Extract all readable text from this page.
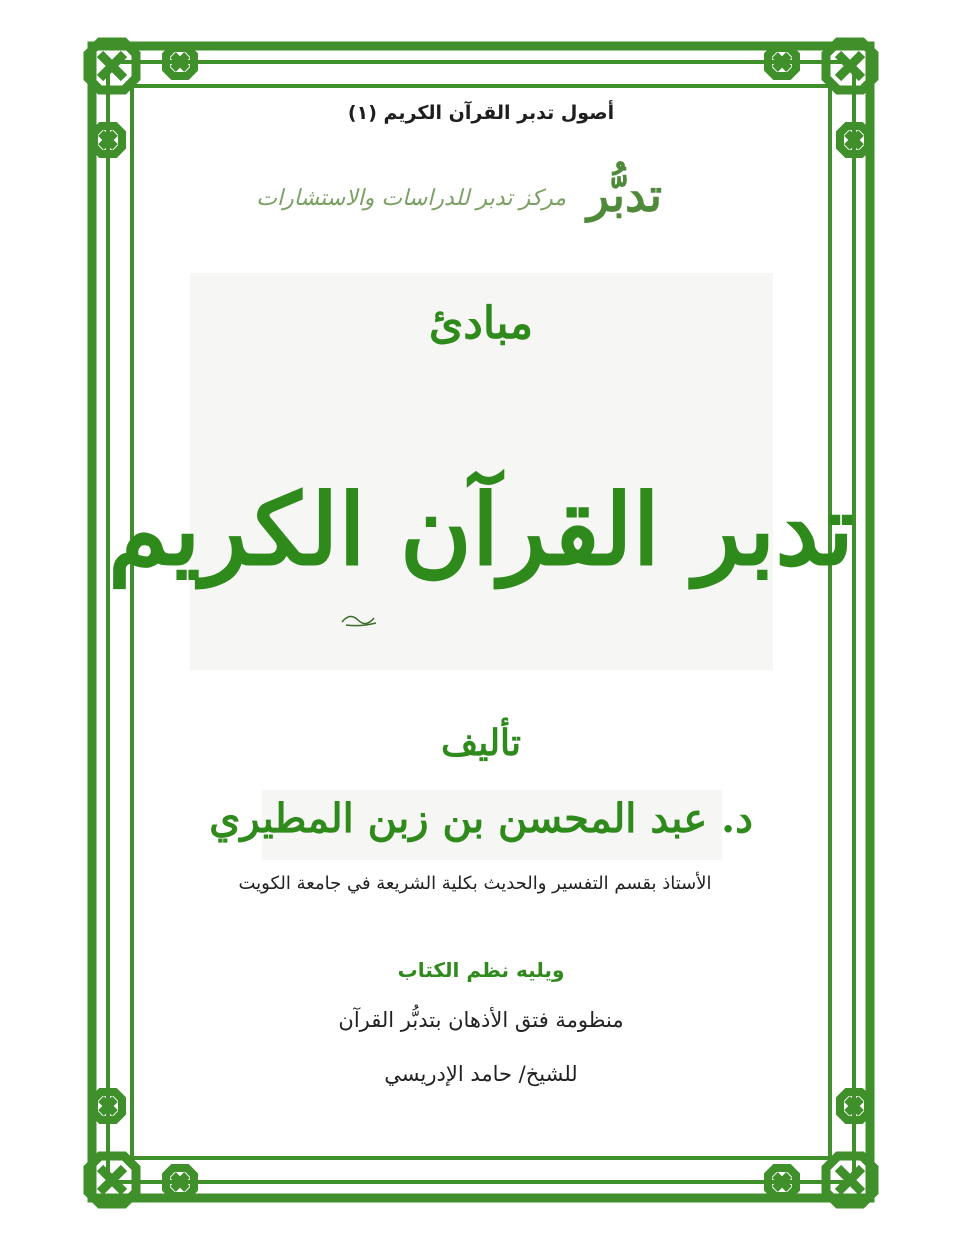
أصول تدبر القرآن الكريم (١)
تدبُّر
مركز تدبر للدراسات والاستشارات
مبادئ
تدبر القرآن الكريم
تأليف
د. عبد المحسن بن زبن المطيري
الأستاذ بقسم التفسير والحديث بكلية الشريعة في جامعة الكويت
ويليه نظم الكتاب
منظومة فتق الأذهان بتدبُّر القرآن
للشيخ/ حامد الإدريسي
